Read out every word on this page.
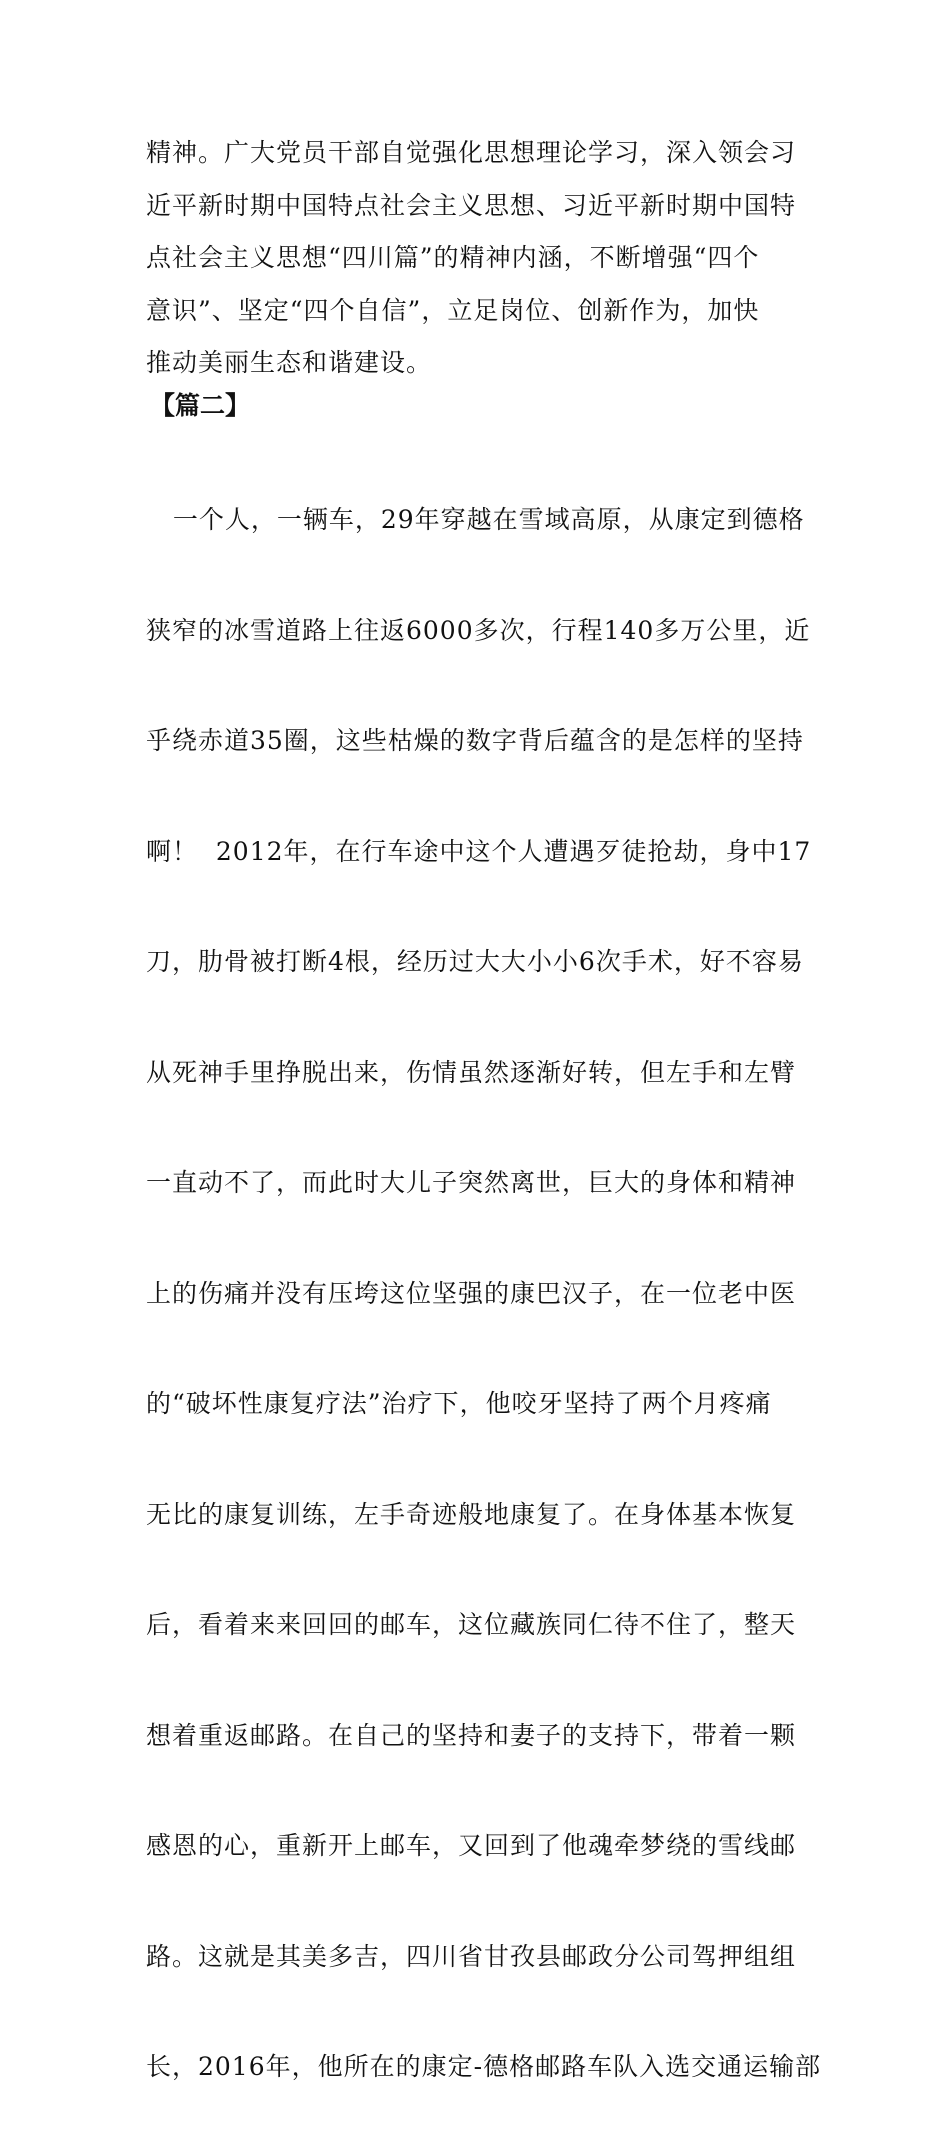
精神。广大党员干部自觉强化思想理论学习，深入领会习
近平新时期中国特点社会主义思想、习近平新时期中国特
点社会主义思想“四川篇”的精神内涵，不断增强“四个
意识”、坚定“四个自信”，立足岗位、创新作为，加快
推动美丽生态和谐建设。
【篇二】

一个人，一辆车，29年穿越在雪域高原，从康定到德格

狭窄的冰雪道路上往返6000多次，行程140多万公里，近

乎绕赤道35圈，这些枯燥的数字背后蕴含的是怎样的坚持

啊！  2012年，在行车途中这个人遭遇歹徒抢劫，身中17

刀，肋骨被打断4根，经历过大大小小6次手术，好不容易

从死神手里挣脱出来，伤情虽然逐渐好转，但左手和左臂

一直动不了，而此时大儿子突然离世，巨大的身体和精神

上的伤痛并没有压垮这位坚强的康巴汉子，在一位老中医

的“破坏性康复疗法”治疗下，他咬牙坚持了两个月疼痛

无比的康复训练，左手奇迹般地康复了。在身体基本恢复

后，看着来来回回的邮车，这位藏族同仁待不住了，整天

想着重返邮路。在自己的坚持和妻子的支持下，带着一颗

感恩的心，重新开上邮车，又回到了他魂牵梦绕的雪线邮

路。这就是其美多吉，四川省甘孜县邮政分公司驾押组组

长，2016年，他所在的康定-德格邮路车队入选交通运输部
